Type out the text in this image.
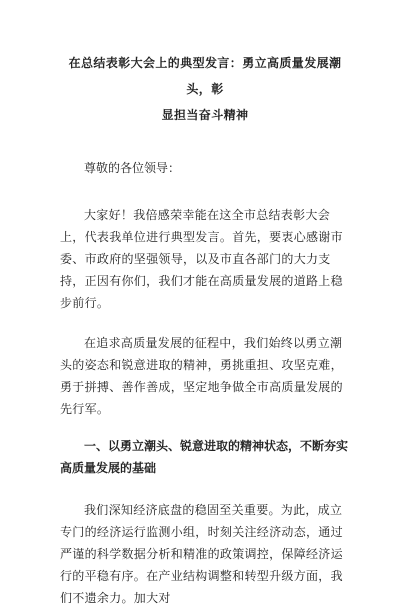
在总结表彰大会上的典型发言：勇立高质量发展潮头，彰
显担当奋斗精神

尊敬的各位领导：

大家好！我倍感荣幸能在这全市总结表彰大会上，代表我单位进行典型发言。首先，要衷心感谢市委、市政府的坚强领导，以及市直各部门的大力支持，正因有你们，我们才能在高质量发展的道路上稳步前行。

在追求高质量发展的征程中，我们始终以勇立潮头的姿态和锐意进取的精神，勇挑重担、攻坚克难，勇于拼搏、善作善成，坚定地争做全市高质量发展的先行军。

一、以勇立潮头、锐意进取的精神状态，不断夯实高质量发展的基础

我们深知经济底盘的稳固至关重要。为此，成立专门的经济运行监测小组，时刻关注经济动态，通过严谨的科学数据分析和精准的政策调控，保障经济运行的平稳有序。在产业结构调整和转型升级方面，我们不遗余力。加大对
